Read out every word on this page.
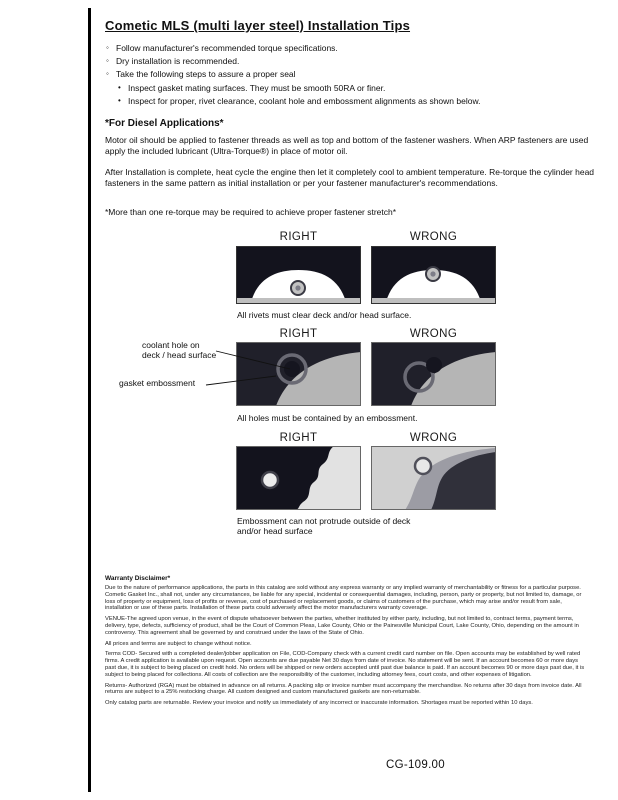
Cometic MLS (multi layer steel) Installation Tips
◦
Follow manufacturer's recommended torque specifications.
◦
Dry installation is recommended.
◦
Take the following steps to assure a proper seal
•
Inspect gasket mating surfaces. They must be smooth 50RA or finer.
•
Inspect for proper, rivet clearance, coolant hole and embossment alignments as shown below.
*For Diesel Applications*
Motor oil should be applied to fastener threads as well as top and bottom of the fastener washers. When ARP fasteners are used apply the included lubricant (Ultra-Torque®) in place of motor oil.
After Installation is complete, heat cycle the engine then let it completely cool to ambient temperature. Re-torque the cylinder head fasteners in the same pattern as initial installation or per your fastener manufacturer's recommendations.
*More than one re-torque may be required to achieve proper fastener stretch*
RIGHT	WRONG
All rivets must clear deck and/or head surface.
RIGHT	WRONG
coolant hole on
deck / head surface
gasket embossment
All holes must be contained by an embossment.
RIGHT	WRONG
Embossment can not protrude outside of deck
and/or head surface
Warranty Disclaimer*

Due to the nature of performance applications, the parts in this catalog are sold without any express warranty or any implied warranty of merchantability or fitness for a particular purpose. Cometic Gasket Inc., shall not, under any circumstances, be liable for any special, incidental or consequential damages, including, person, party or property, but not limited to, damage, or loss of property or equipment, loss of profits or revenue, cost of purchased or replacement goods, or claims of customers of the purchase, which may arise and/or result from sale, installation or use of these parts. Installation of these parts could adversely affect the motor manufacturers warranty coverage.

VENUE-The agreed upon venue, in the event of dispute whatsoever between the parties, whether instituted by either party, including, but not limited to, contract terms, payment terms, delivery, type, defects, sufficiency of product, shall be the Court of Common Pleas, Lake County, Ohio or the Painesville Municipal Court, Lake County, Ohio, depending on the amount in controversy. This agreement shall be governed by and construed under the laws of the State of Ohio.

All prices and terms are subject to change without notice.

Terms COD- Secured with a completed dealer/jobber application on File, COD-Company check with a current credit card number on file. Open accounts may be established by well rated firms. A credit application is available upon request. Open accounts are due payable Net 30 days from date of invoice. No statement will be sent. If an account becomes 60 or more days past due, it is subject to being placed on credit hold. No orders will be shipped or new orders accepted until past due balance is paid. If an account becomes 90 or more days past due, it is subject to being placed for collections. All costs of collection are the responsibility of the customer, including attorney fees, court costs, and other expenses of litigation.

Returns- Authorized (RGA) must be obtained in advance on all returns. A packing slip or invoice number must accompany the merchandise. No returns after 30 days from invoice date. All returns are subject to a 25% restocking charge. All custom designed and custom manufactured gaskets are non-returnable.

Only catalog parts are returnable. Review your invoice and notify us immediately of any incorrect or inaccurate information. Shortages must be reported within 10 days.

CG-109.00
